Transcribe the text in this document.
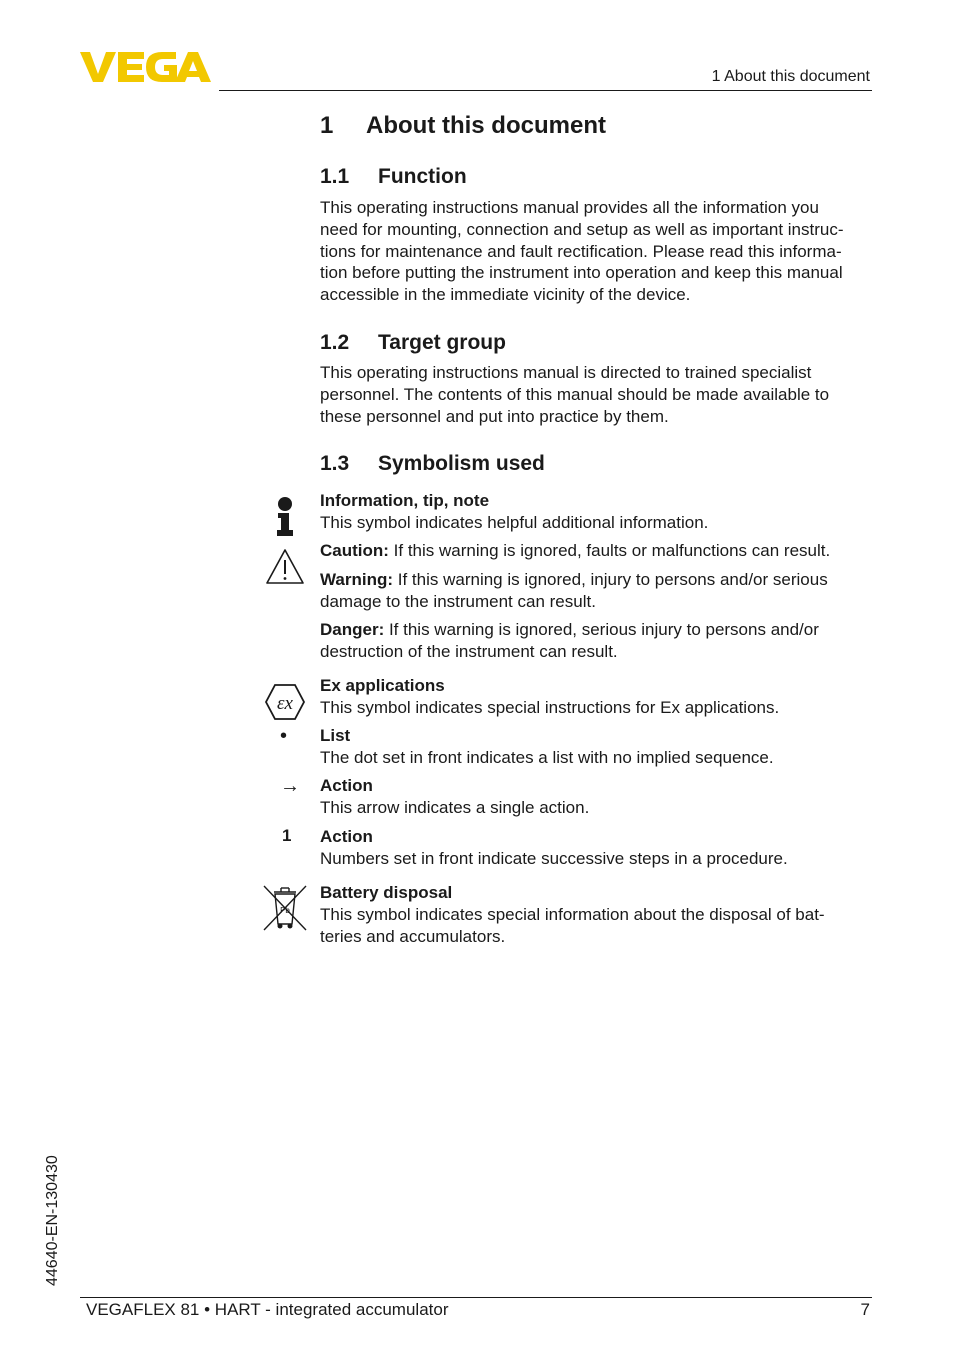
1 About this document
1 About this document
1.1 Function
This operating instructions manual provides all the information you
need for mounting, connection and setup as well as important instruc-
tions for maintenance and fault rectification. Please read this informa-
tion before putting the instrument into operation and keep this manual
accessible in the immediate vicinity of the device.
1.2 Target group
This operating instructions manual is directed to trained specialist
personnel. The contents of this manual should be made available to
these personnel and put into practice by them.
1.3 Symbolism used
Information, tip, note
This symbol indicates helpful additional information.
Caution: If this warning is ignored, faults or malfunctions can result.
Warning: If this warning is ignored, injury to persons and/or serious
damage to the instrument can result.
Danger: If this warning is ignored, serious injury to persons and/or
destruction of the instrument can result.
εx
Ex applications
This symbol indicates special instructions for Ex applications.
• List
The dot set in front indicates a list with no implied sequence.
→ Action
This arrow indicates a single action.
1 Action
Numbers set in front indicate successive steps in a procedure.
Pb
Battery disposal
This symbol indicates special information about the disposal of bat-
teries and accumulators.
44640-EN-130430
VEGAFLEX 81 • HART - integrated accumulator	7
